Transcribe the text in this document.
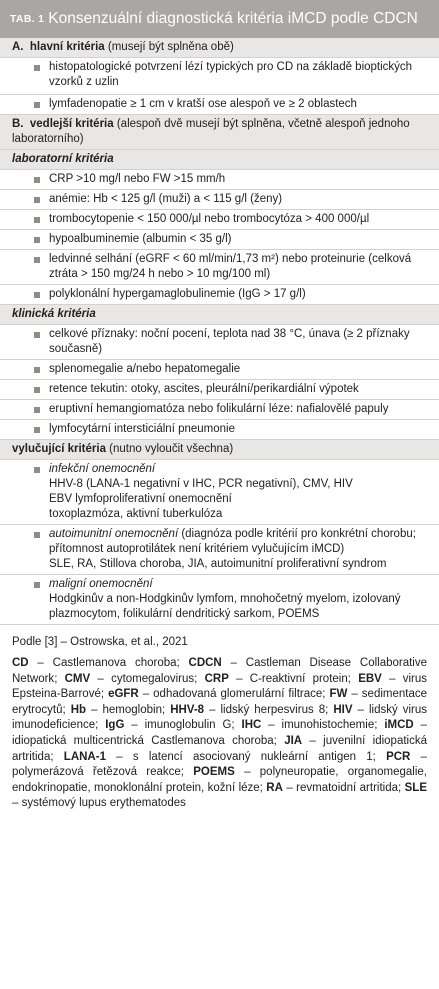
TAB. 1 Konsenzuální diagnostická kritéria iMCD podle CDCN
A. hlavní kritéria (musejí být splněna obě)
histopatologické potvrzení lézí typických pro CD na základě bioptických vzorků z uzlin
lymfadenopatie ≥ 1 cm v kratší ose alespoň ve ≥ 2 oblastech
B. vedlejší kritéria (alespoň dvě musejí být splněna, včetně alespoň jednoho laboratorního)
laboratorní kritéria
CRP >10 mg/l nebo FW >15 mm/h
anémie: Hb < 125 g/l (muži) a < 115 g/l (ženy)
trombocytopenie < 150 000/µl nebo trombocytóza > 400 000/µl
hypoalbuminemie (albumin < 35 g/l)
ledvinné selhání (eGRF < 60 ml/min/1,73 m²) nebo proteinurie (celková ztráta > 150 mg/24 h nebo > 10 mg/100 ml)
polyklonální hypergamaglobulinemie (IgG > 17 g/l)
klinická kritéria
celkové příznaky: noční pocení, teplota nad 38 °C, únava (≥ 2 příznaky současně)
splenomegalie a/nebo hepatomegalie
retence tekutin: otoky, ascites, pleurální/perikardiální výpotek
eruptivní hemangiomatóza nebo folikulární léze: nafialovělé papuly
lymfocytární intersticiální pneumonie
vylučující kritéria (nutno vyloučit všechna)
infekční onemocnění
HHV-8 (LANA-1 negativní v IHC, PCR negativní), CMV, HIV
EBV lymfoproliferativní onemocnění
toxoplazmóza, aktivní tuberkulóza
autoimunitní onemocnění (diagnóza podle kritérií pro konkrétní chorobu; přítomnost autoprotilátek není kritériem vylučujícím iMCD)
SLE, RA, Stillova choroba, JIA, autoimunitní proliferativní syndrom
maligní onemocnění
Hodgkinův a non-Hodgkinův lymfom, mnohočetný myelom, izolovaný plazmocytom, folikulární dendritický sarkom, POEMS
Podle [3] – Ostrowska, et al., 2021
CD – Castlemanova choroba; CDCN – Castleman Disease Collaborative Network; CMV – cytomegalovirus; CRP – C-reaktivní protein; EBV – virus Epsteina-Barrové; eGFR – odhadovaná glomerulární filtrace; FW – sedimentace erytrocytů; Hb – hemoglobin; HHV-8 – lidský herpesvirus 8; HIV – lidský virus imunodeficience; IgG – imunoglobulin G; IHC – imunohistochemie; iMCD – idiopatická multicentrická Castlemanova choroba; JIA – juvenilní idiopatická artritida; LANA-1 – s latencí asociovaný nukleární antigen 1; PCR – polymerázová řetězová reakce; POEMS – polyneuropatie, organomegalie, endokrinopatie, monoklonální protein, kožní léze; RA – revmatoidní artritida; SLE – systémový lupus erythematodes
